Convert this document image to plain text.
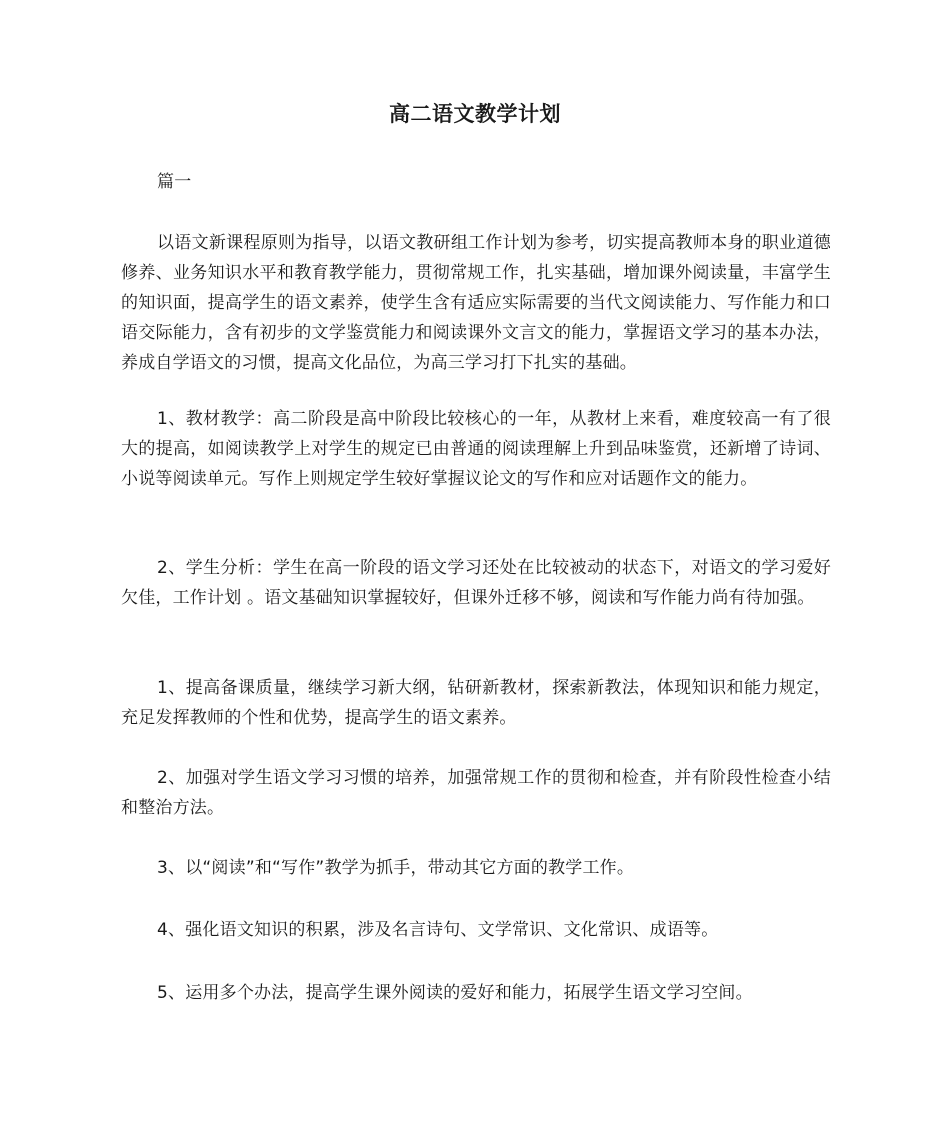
高二语文教学计划

篇一

以语文新课程原则为指导，以语文教研组工作计划为参考，切实提高教师本身的职业道德修养、业务知识水平和教育教学能力，贯彻常规工作，扎实基础，增加课外阅读量，丰富学生的知识面，提高学生的语文素养，使学生含有适应实际需要的当代文阅读能力、写作能力和口语交际能力，含有初步的文学鉴赏能力和阅读课外文言文的能力，掌握语文学习的基本办法，养成自学语文的习惯，提高文化品位，为高三学习打下扎实的基础。

1、教材教学：高二阶段是高中阶段比较核心的一年，从教材上来看，难度较高一有了很大的提高，如阅读教学上对学生的规定已由普通的阅读理解上升到品味鉴赏，还新增了诗词、小说等阅读单元。写作上则规定学生较好掌握议论文的写作和应对话题作文的能力。

2、学生分析：学生在高一阶段的语文学习还处在比较被动的状态下，对语文的学习爱好欠佳，工作计划 。语文基础知识掌握较好，但课外迁移不够，阅读和写作能力尚有待加强。

1、提高备课质量，继续学习新大纲，钻研新教材，探索新教法，体现知识和能力规定，充足发挥教师的个性和优势，提高学生的语文素养。

2、加强对学生语文学习习惯的培养，加强常规工作的贯彻和检查，并有阶段性检查小结和整治方法。

3、以“阅读”和“写作”教学为抓手，带动其它方面的教学工作。

4、强化语文知识的积累，涉及名言诗句、文学常识、文化常识、成语等。

5、运用多个办法，提高学生课外阅读的爱好和能力，拓展学生语文学习空间。
